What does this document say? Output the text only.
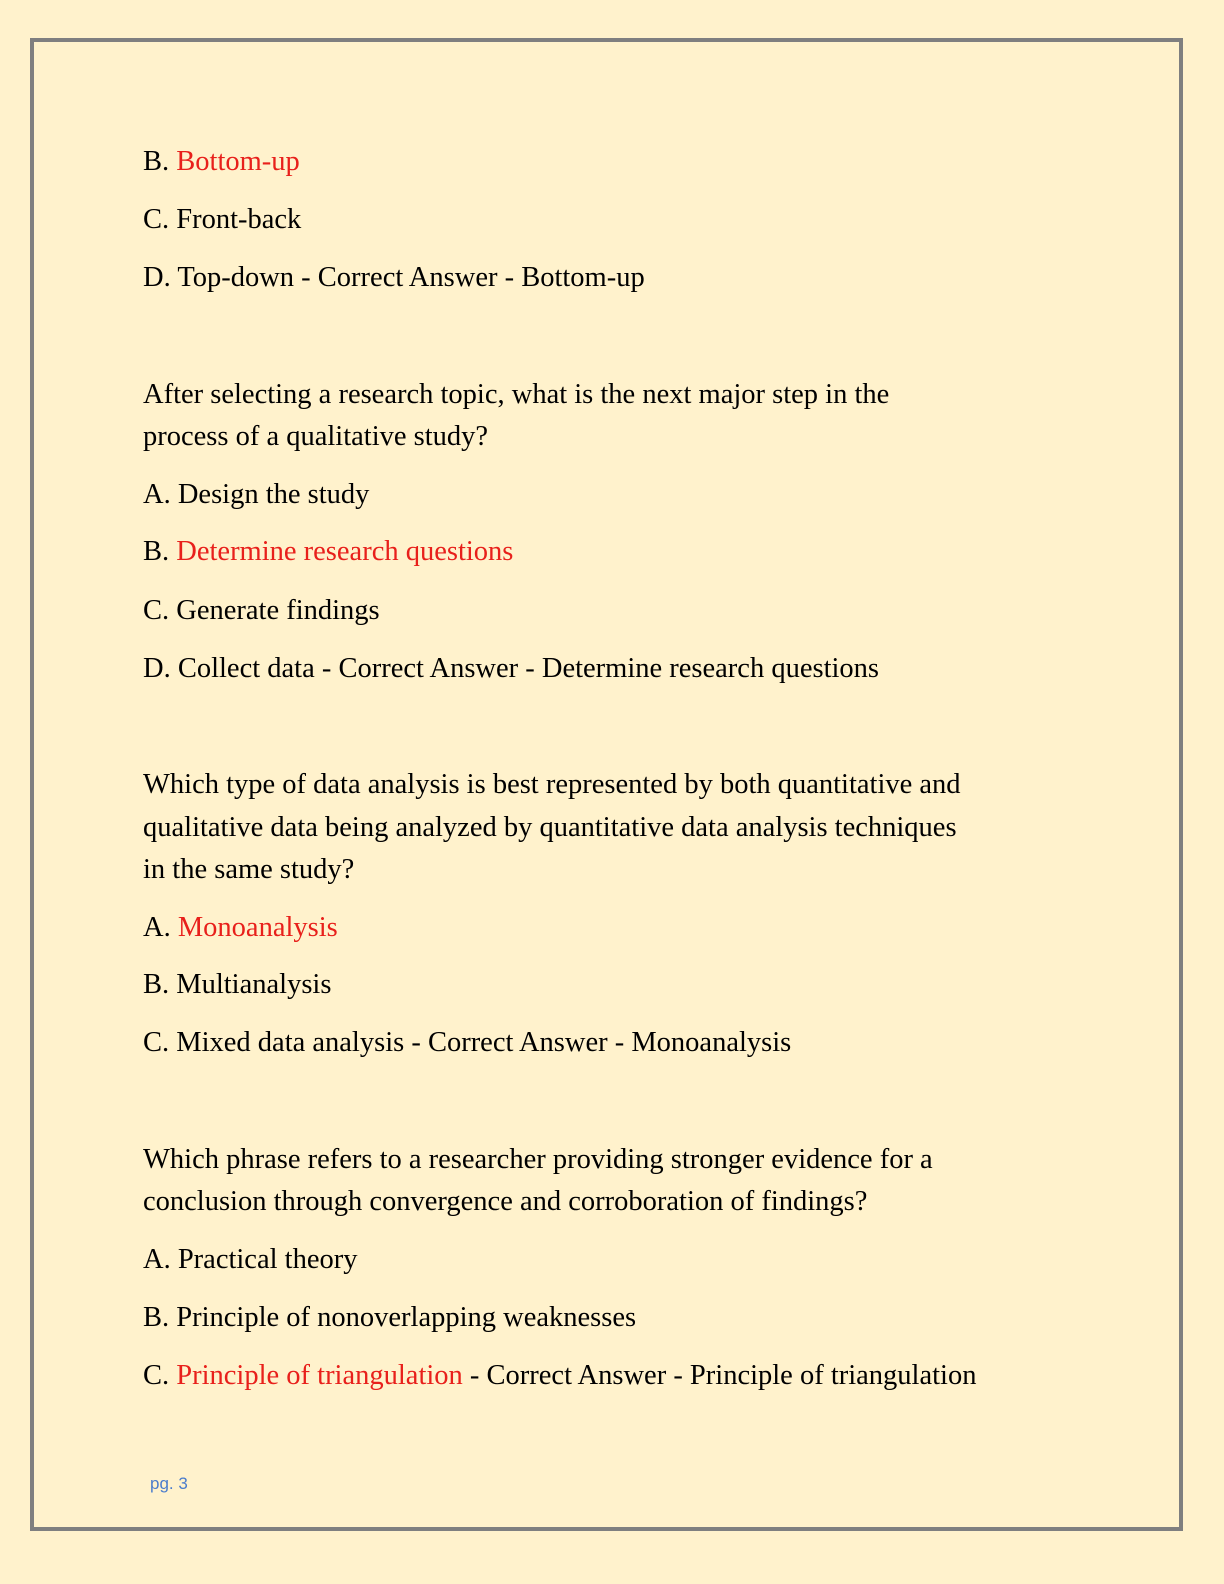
B. Bottom-up
C. Front-back
D. Top-down - Correct Answer - Bottom-up
After selecting a research topic, what is the next major step in the
process of a qualitative study?
A. Design the study
B. Determine research questions
C. Generate findings
D. Collect data - Correct Answer - Determine research questions
Which type of data analysis is best represented by both quantitative and
qualitative data being analyzed by quantitative data analysis techniques
in the same study?
A. Monoanalysis
B. Multianalysis
C. Mixed data analysis - Correct Answer - Monoanalysis
Which phrase refers to a researcher providing stronger evidence for a
conclusion through convergence and corroboration of findings?
A. Practical theory
B. Principle of nonoverlapping weaknesses
C. Principle of triangulation - Correct Answer - Principle of triangulation
pg. 3
